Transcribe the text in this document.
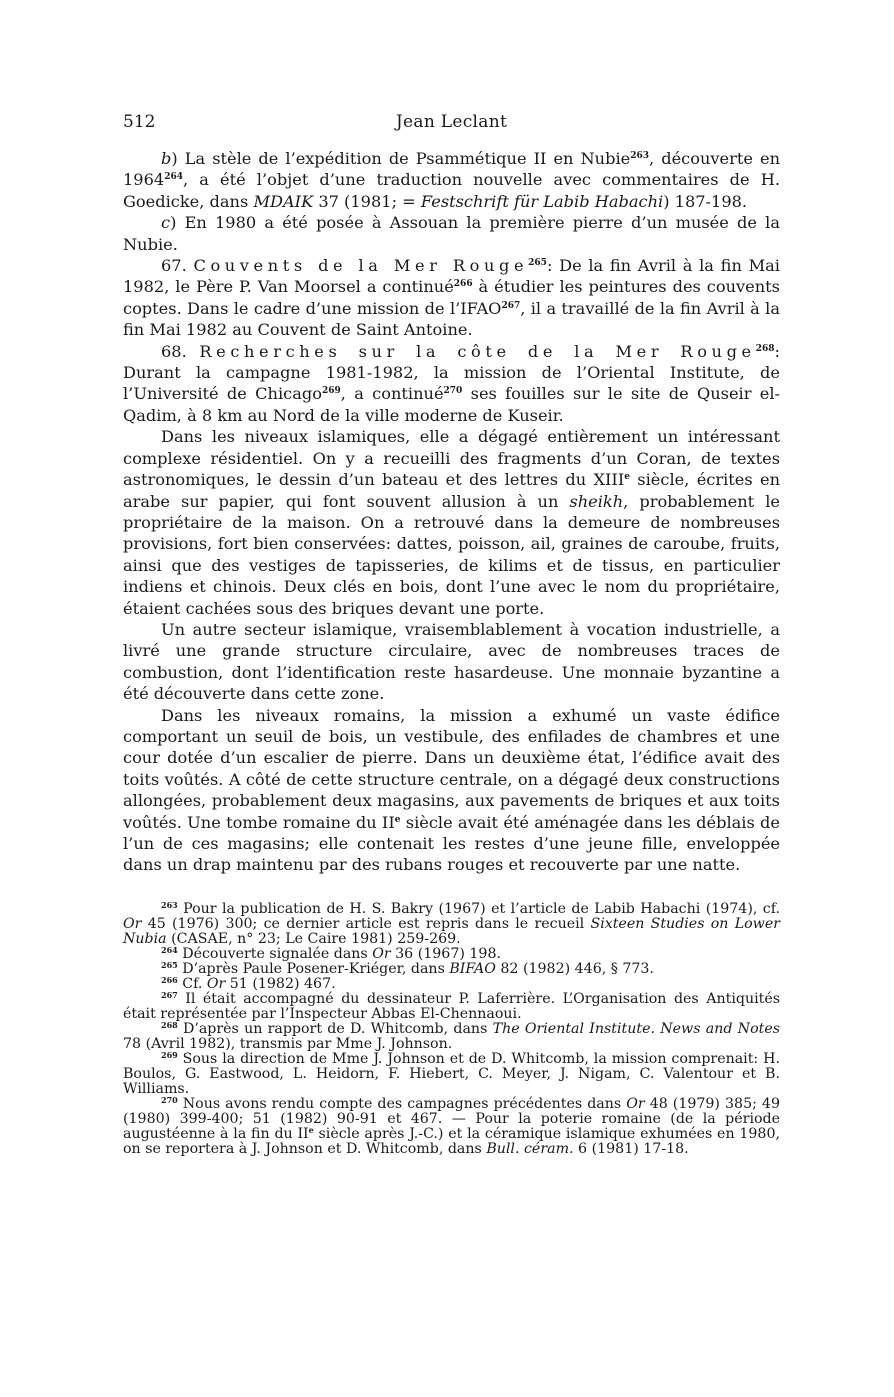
512	Jean Leclant

b) La stèle de l’expédition de Psammétique II en Nubie$^{263}$, découverte en 1964$^{264}$, a été l’objet d’une traduction nouvelle avec commentaires de H. Goedicke, dans MDAIK 37 (1981; = Festschrift für Labib Habachi) 187-198.

c) En 1980 a été posée à Assouan la première pierre d’un musée de la Nubie.

67. Couvents de la Mer Rouge$^{265}$: De la fin Avril à la fin Mai 1982, le Père P. Van Moorsel a continué$^{266}$ à étudier les peintures des couvents coptes. Dans le cadre d’une mission de l’IFAO$^{267}$, il a travaillé de la fin Avril à la fin Mai 1982 au Couvent de Saint Antoine.

68. Recherches sur la côte de la Mer Rouge$^{268}$: Durant la campagne 1981-1982, la mission de l’Oriental Institute, de l’Université de Chicago$^{269}$, a continué$^{270}$ ses fouilles sur le site de Quseir el-Qadim, à 8 km au Nord de la ville moderne de Kuseir.

Dans les niveaux islamiques, elle a dégagé entièrement un intéressant complexe résidentiel. On y a recueilli des fragments d’un Coran, de textes astronomiques, le dessin d’un bateau et des lettres du XIIIe siècle, écrites en arabe sur papier, qui font souvent allusion à un sheikh, probablement le propriétaire de la maison. On a retrouvé dans la demeure de nombreuses provisions, fort bien conservées: dattes, poisson, ail, graines de caroube, fruits, ainsi que des vestiges de tapisseries, de kilims et de tissus, en particulier indiens et chinois. Deux clés en bois, dont l’une avec le nom du propriétaire, étaient cachées sous des briques devant une porte.

Un autre secteur islamique, vraisemblablement à vocation industrielle, a livré une grande structure circulaire, avec de nombreuses traces de combustion, dont l’identification reste hasardeuse. Une monnaie byzantine a été découverte dans cette zone.

Dans les niveaux romains, la mission a exhumé un vaste édifice comportant un seuil de bois, un vestibule, des enfilades de chambres et une cour dotée d’un escalier de pierre. Dans un deuxième état, l’édifice avait des toits voûtés. A côté de cette structure centrale, on a dégagé deux constructions allongées, probablement deux magasins, aux pavements de briques et aux toits voûtés. Une tombe romaine du IIe siècle avait été aménagée dans les déblais de l’un de ces magasins; elle contenait les restes d’une jeune fille, enveloppée dans un drap maintenu par des rubans rouges et recouverte par une natte.

$^{263}$ Pour la publication de H. S. Bakry (1967) et l’article de Labib Habachi (1974), cf. Or 45 (1976) 300; ce dernier article est repris dans le recueil Sixteen Studies on Lower Nubia (CASAE, n° 23; Le Caire 1981) 259-269.

$^{264}$ Découverte signalée dans Or 36 (1967) 198.

$^{265}$ D’après Paule Posener-Kriéger, dans BIFAO 82 (1982) 446, § 773.

$^{266}$ Cf. Or 51 (1982) 467.

$^{267}$ Il était accompagné du dessinateur P. Laferrière. L’Organisation des Antiquités était représentée par l’Inspecteur Abbas El-Chennaoui.

$^{268}$ D’après un rapport de D. Whitcomb, dans The Oriental Institute. News and Notes 78 (Avril 1982), transmis par Mme J. Johnson.

$^{269}$ Sous la direction de Mme J. Johnson et de D. Whitcomb, la mission comprenait: H. Boulos, G. Eastwood, L. Heidorn, F. Hiebert, C. Meyer, J. Nigam, C. Valentour et B. Williams.

$^{270}$ Nous avons rendu compte des campagnes précédentes dans Or 48 (1979) 385; 49 (1980) 399-400; 51 (1982) 90-91 et 467. — Pour la poterie romaine (de la période augustéenne à la fin du IIe siècle après J.-C.) et la céramique islamique exhumées en 1980, on se reportera à J. Johnson et D. Whitcomb, dans Bull. céram. 6 (1981) 17-18.
